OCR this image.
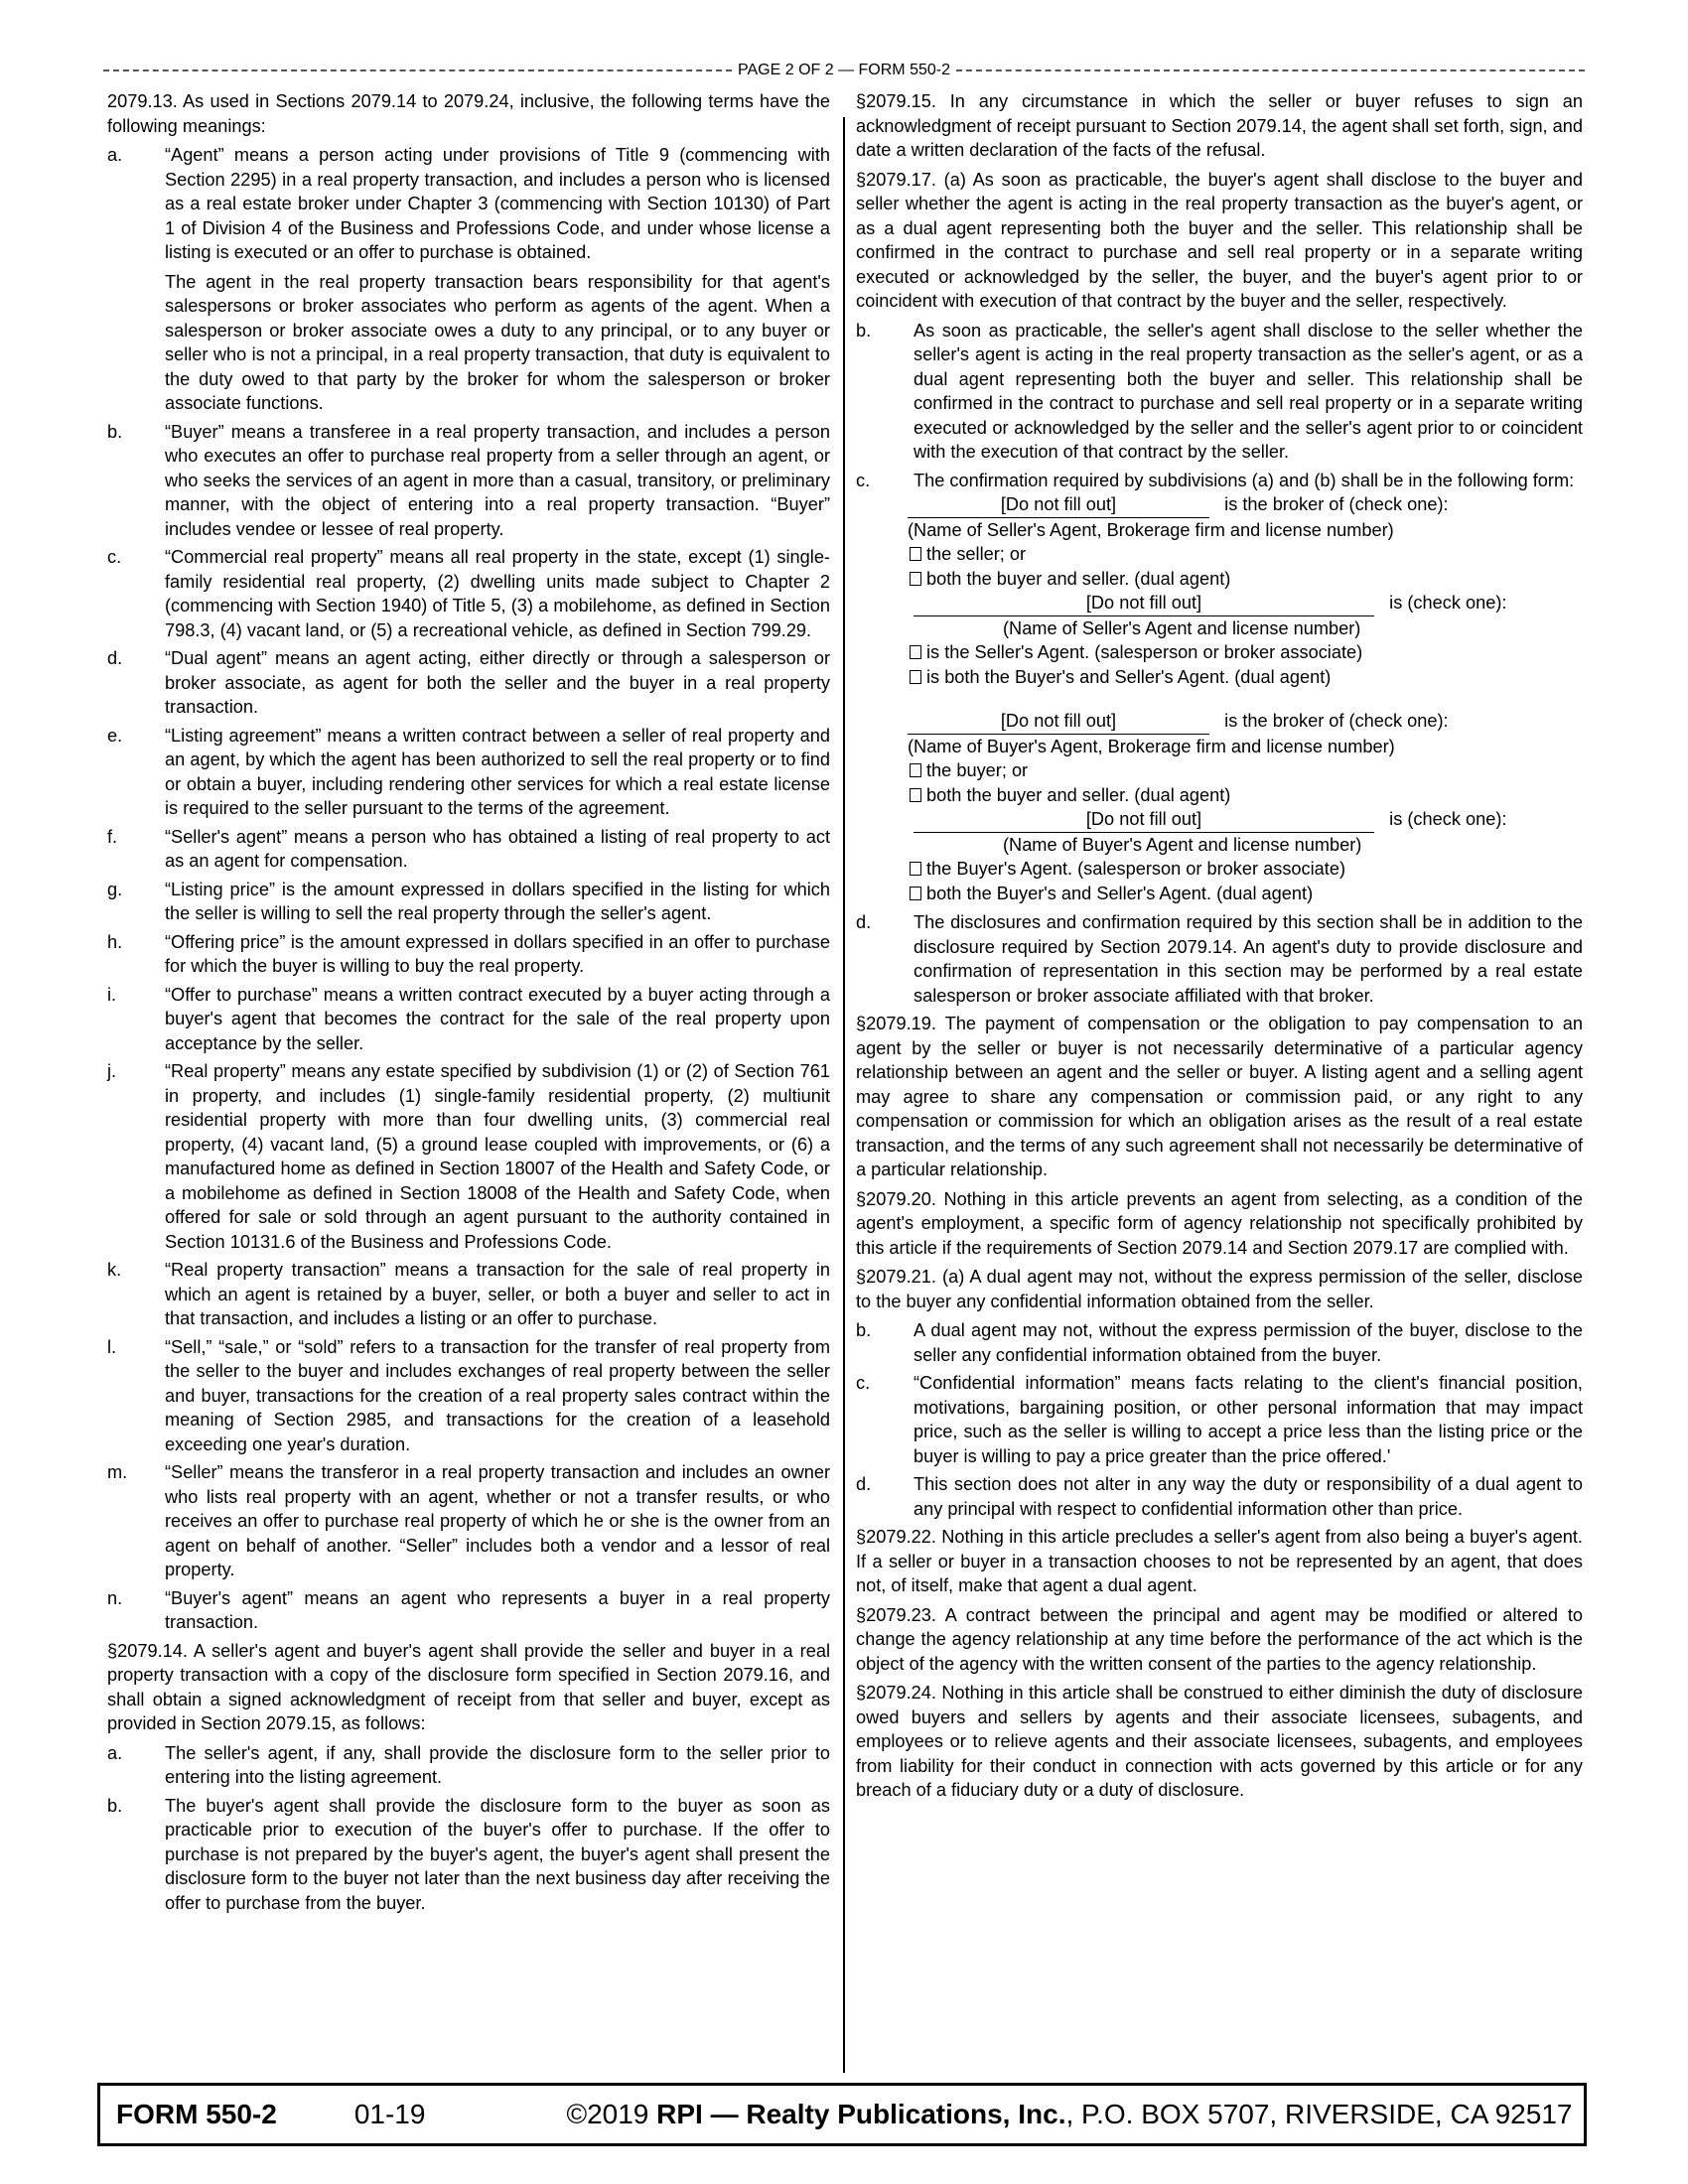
PAGE 2 OF 2 — FORM 550-2

2079.13. As used in Sections 2079.14 to 2079.24, inclusive, the following terms have the following meanings:

a.	“Agent” means a person acting under provisions of Title 9 (commencing with Section 2295) in a real property transaction, and includes a person who is licensed as a real estate broker under Chapter 3 (commencing with Section 10130) of Part 1 of Division 4 of the Business and Professions Code, and under whose license a listing is executed or an offer to purchase is obtained.
The agent in the real property transaction bears responsibility for that agent's salespersons or broker associates who perform as agents of the agent. When a salesperson or broker associate owes a duty to any principal, or to any buyer or seller who is not a principal, in a real property transaction, that duty is equivalent to the duty owed to that party by the broker for whom the salesperson or broker associate functions.
b.	“Buyer” means a transferee in a real property transaction, and includes a person who executes an offer to purchase real property from a seller through an agent, or who seeks the services of an agent in more than a casual, transitory, or preliminary manner, with the object of entering into a real property transaction. “Buyer” includes vendee or lessee of real property.
c.	“Commercial real property” means all real property in the state, except (1) single-family residential real property, (2) dwelling units made subject to Chapter 2 (commencing with Section 1940) of Title 5, (3) a mobilehome, as defined in Section 798.3, (4) vacant land, or (5) a recreational vehicle, as defined in Section 799.29.
d.	“Dual agent” means an agent acting, either directly or through a salesperson or broker associate, as agent for both the seller and the buyer in a real property transaction.
e.	“Listing agreement” means a written contract between a seller of real property and an agent, by which the agent has been authorized to sell the real property or to find or obtain a buyer, including rendering other services for which a real estate license is required to the seller pursuant to the terms of the agreement.
f.	“Seller's agent” means a person who has obtained a listing of real property to act as an agent for compensation.
g.	“Listing price” is the amount expressed in dollars specified in the listing for which the seller is willing to sell the real property through the seller's agent.
h.	“Offering price” is the amount expressed in dollars specified in an offer to purchase for which the buyer is willing to buy the real property.
i.	“Offer to purchase” means a written contract executed by a buyer acting through a buyer's agent that becomes the contract for the sale of the real property upon acceptance by the seller.
j.	“Real property” means any estate specified by subdivision (1) or (2) of Section 761 in property, and includes (1) single-family residential property, (2) multiunit residential property with more than four dwelling units, (3) commercial real property, (4) vacant land, (5) a ground lease coupled with improvements, or (6) a manufactured home as defined in Section 18007 of the Health and Safety Code, or a mobilehome as defined in Section 18008 of the Health and Safety Code, when offered for sale or sold through an agent pursuant to the authority contained in Section 10131.6 of the Business and Professions Code.
k.	“Real property transaction” means a transaction for the sale of real property in which an agent is retained by a buyer, seller, or both a buyer and seller to act in that transaction, and includes a listing or an offer to purchase.
l.	“Sell,” “sale,” or “sold” refers to a transaction for the transfer of real property from the seller to the buyer and includes exchanges of real property between the seller and buyer, transactions for the creation of a real property sales contract within the meaning of Section 2985, and transactions for the creation of a leasehold exceeding one year's duration.
m.	“Seller” means the transferor in a real property transaction and includes an owner who lists real property with an agent, whether or not a transfer results, or who receives an offer to purchase real property of which he or she is the owner from an agent on behalf of another. “Seller” includes both a vendor and a lessor of real property.
n.	“Buyer's agent” means an agent who represents a buyer in a real property transaction.

§2079.14. A seller's agent and buyer's agent shall provide the seller and buyer in a real property transaction with a copy of the disclosure form specified in Section 2079.16, and shall obtain a signed acknowledgment of receipt from that seller and buyer, except as provided in Section 2079.15, as follows:

a.	The seller's agent, if any, shall provide the disclosure form to the seller prior to entering into the listing agreement.
b.	The buyer's agent shall provide the disclosure form to the buyer as soon as practicable prior to execution of the buyer's offer to purchase. If the offer to purchase is not prepared by the buyer's agent, the buyer's agent shall present the disclosure form to the buyer not later than the next business day after receiving the offer to purchase from the buyer.

§2079.15. In any circumstance in which the seller or buyer refuses to sign an acknowledgment of receipt pursuant to Section 2079.14, the agent shall set forth, sign, and date a written declaration of the facts of the refusal.

§2079.17. (a) As soon as practicable, the buyer's agent shall disclose to the buyer and seller whether the agent is acting in the real property transaction as the buyer's agent, or as a dual agent representing both the buyer and the seller. This relationship shall be confirmed in the contract to purchase and sell real property or in a separate writing executed or acknowledged by the seller, the buyer, and the buyer's agent prior to or coincident with execution of that contract by the buyer and the seller, respectively.

b.	As soon as practicable, the seller's agent shall disclose to the seller whether the seller's agent is acting in the real property transaction as the seller's agent, or as a dual agent representing both the buyer and seller. This relationship shall be confirmed in the contract to purchase and sell real property or in a separate writing executed or acknowledged by the seller and the seller's agent prior to or coincident with the execution of that contract by the seller.
c.	The confirmation required by subdivisions (a) and (b) shall be in the following form:
[Do not fill out]	is the broker of (check one):
(Name of Seller's Agent, Brokerage firm and license number)
the seller; or
both the buyer and seller. (dual agent)
[Do not fill out]	is (check one):
(Name of Seller's Agent and license number)
is the Seller's Agent. (salesperson or broker associate)
is both the Buyer's and Seller's Agent. (dual agent)
[Do not fill out]	is the broker of (check one):
(Name of Buyer's Agent, Brokerage firm and license number)
the buyer; or
both the buyer and seller. (dual agent)
[Do not fill out]	is (check one):
(Name of Buyer's Agent and license number)
the Buyer's Agent. (salesperson or broker associate)
both the Buyer's and Seller's Agent. (dual agent)
d.	The disclosures and confirmation required by this section shall be in addition to the disclosure required by Section 2079.14. An agent's duty to provide disclosure and confirmation of representation in this section may be performed by a real estate salesperson or broker associate affiliated with that broker.

§2079.19. The payment of compensation or the obligation to pay compensation to an agent by the seller or buyer is not necessarily determinative of a particular agency relationship between an agent and the seller or buyer. A listing agent and a selling agent may agree to share any compensation or commission paid, or any right to any compensation or commission for which an obligation arises as the result of a real estate transaction, and the terms of any such agreement shall not necessarily be determinative of a particular relationship.

§2079.20. Nothing in this article prevents an agent from selecting, as a condition of the agent's employment, a specific form of agency relationship not specifically prohibited by this article if the requirements of Section 2079.14 and Section 2079.17 are complied with.

§2079.21. (a) A dual agent may not, without the express permission of the seller, disclose to the buyer any confidential information obtained from the seller.

b.	A dual agent may not, without the express permission of the buyer, disclose to the seller any confidential information obtained from the buyer.
c.	“Confidential information” means facts relating to the client's financial position, motivations, bargaining position, or other personal information that may impact price, such as the seller is willing to accept a price less than the listing price or the buyer is willing to pay a price greater than the price offered.'
d.	This section does not alter in any way the duty or responsibility of a dual agent to any principal with respect to confidential information other than price.

§2079.22. Nothing in this article precludes a seller's agent from also being a buyer's agent. If a seller or buyer in a transaction chooses to not be represented by an agent, that does not, of itself, make that agent a dual agent.

§2079.23. A contract between the principal and agent may be modified or altered to change the agency relationship at any time before the performance of the act which is the object of the agency with the written consent of the parties to the agency relationship.

§2079.24. Nothing in this article shall be construed to either diminish the duty of disclosure owed buyers and sellers by agents and their associate licensees, subagents, and employees or to relieve agents and their associate licensees, subagents, and employees from liability for their conduct in connection with acts governed by this article or for any breach of a fiduciary duty or a duty of disclosure.

FORM 550-2	01-19	©2019 RPI — Realty Publications, Inc., P.O. BOX 5707, RIVERSIDE, CA 92517
